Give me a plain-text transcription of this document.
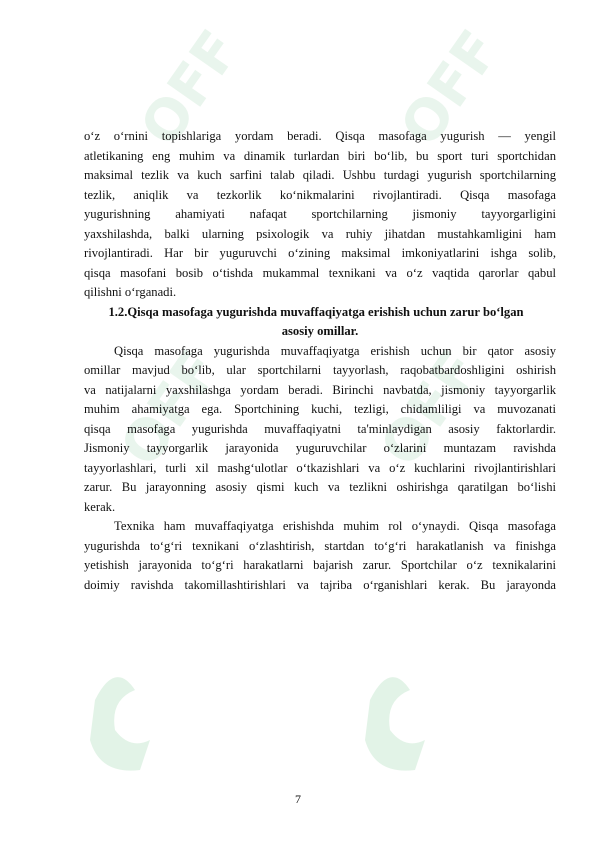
OFF OFF
OFF OFF

o‘z o‘rnini topishlariga yordam beradi. Qisqa masofaga yugurish — yengil
atletikaning eng muhim va dinamik turlardan biri bo‘lib, bu sport turi sportchidan
maksimal tezlik va kuch sarfini talab qiladi. Ushbu turdagi yugurish sportchilarning
tezlik, aniqlik va tezkorlik ko‘nikmalarini rivojlantiradi. Qisqa masofaga
yugurishning ahamiyati nafaqat sportchilarning jismoniy tayyorgarligini
yaxshilashda, balki ularning psixologik va ruhiy jihatdan mustahkamligini ham
rivojlantiradi. Har bir yuguruvchi o‘zining maksimal imkoniyatlarini ishga solib,
qisqa masofani bosib o‘tishda mukammal texnikani va o‘z vaqtida qarorlar qabul
qilishni o‘rganadi.

1.2.Qisqa masofaga yugurishda muvaffaqiyatga erishish uchun zarur bo‘lgan
asosiy omillar.

Qisqa masofaga yugurishda muvaffaqiyatga erishish uchun bir qator asosiy
omillar mavjud bo‘lib, ular sportchilarni tayyorlash, raqobatbardoshligini oshirish
va natijalarni yaxshilashga yordam beradi. Birinchi navbatda, jismoniy tayyorgarlik
muhim ahamiyatga ega. Sportchining kuchi, tezligi, chidamliligi va muvozanati
qisqa masofaga yugurishda muvaffaqiyatni ta'minlaydigan asosiy faktorlardir.
Jismoniy tayyorgarlik jarayonida yuguruvchilar o‘zlarini muntazam ravishda
tayyorlashlari, turli xil mashg‘ulotlar o‘tkazishlari va o‘z kuchlarini rivojlantirishlari
zarur. Bu jarayonning asosiy qismi kuch va tezlikni oshirishga qaratilgan bo‘lishi
kerak.

Texnika ham muvaffaqiyatga erishishda muhim rol o‘ynaydi. Qisqa masofaga
yugurishda to‘g‘ri texnikani o‘zlashtirish, startdan to‘g‘ri harakatlanish va finishga
yetishish jarayonida to‘g‘ri harakatlarni bajarish zarur. Sportchilar o‘z texnikalarini
doimiy ravishda takomillashtirishlari va tajriba o‘rganishlari kerak. Bu jarayonda

7
